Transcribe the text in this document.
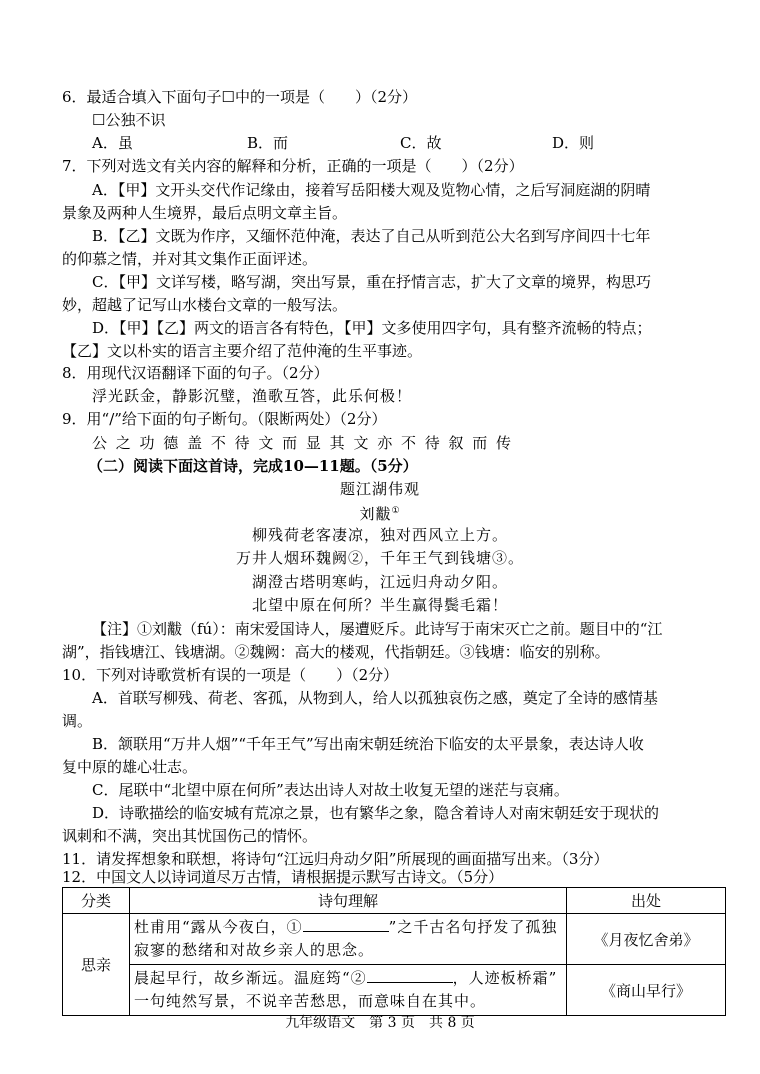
6．最适合填入下面句子☐中的一项是（　　）（2分）
☐公独不识
A．虽	B．而	C．故	D．则
7．下列对选文有关内容的解释和分析，正确的一项是（　　）（2分）
A．【甲】文开头交代作记缘由，接着写岳阳楼大观及览物心情，之后写洞庭湖的阴晴
景象及两种人生境界，最后点明文章主旨。
B．【乙】文既为作序，又缅怀范仲淹，表达了自己从听到范公大名到写序间四十七年
的仰慕之情，并对其文集作正面评述。
C．【甲】文详写楼，略写湖，突出写景，重在抒情言志，扩大了文章的境界，构思巧
妙，超越了记写山水楼台文章的一般写法。
D．【甲】【乙】两文的语言各有特色，【甲】文多使用四字句，具有整齐流畅的特点；
【乙】文以朴实的语言主要介绍了范仲淹的生平事迹。
8．用现代汉语翻译下面的句子。（2分）
浮光跃金，静影沉璧，渔歌互答，此乐何极！
9．用“/”给下面的句子断句。（限断两处）（2分）
公 之 功 德 盖 不 待 文 而 显 其 文 亦 不 待 叙 而 传
（二）阅读下面这首诗，完成10—11题。（5分）
题江湖伟观
刘黻①
柳残荷老客凄凉，独对西风立上方。
万井人烟环魏阙②，千年王气到钱塘③。
湖澄古塔明寒屿，江远归舟动夕阳。
北望中原在何所？半生赢得鬓毛霜！
【注】①刘黻（fú）：南宋爱国诗人，屡遭贬斥。此诗写于南宋灭亡之前。题目中的“江
湖”，指钱塘江、钱塘湖。②魏阙：高大的楼观，代指朝廷。③钱塘：临安的别称。
10．下列对诗歌赏析有误的一项是（　　）（2分）
A．首联写柳残、荷老、客孤，从物到人，给人以孤独哀伤之感，奠定了全诗的感情基
调。
B．颔联用“万井人烟”“千年王气”写出南宋朝廷统治下临安的太平景象，表达诗人收
复中原的雄心壮志。
C．尾联中“北望中原在何所”表达出诗人对故土收复无望的迷茫与哀痛。
D．诗歌描绘的临安城有荒凉之景，也有繁华之象，隐含着诗人对南宋朝廷安于现状的
讽刺和不满，突出其忧国伤己的情怀。
11．请发挥想象和联想，将诗句“江远归舟动夕阳”所展现的画面描写出来。（3分）
12．中国文人以诗词道尽万古情，请根据提示默写古诗文。（5分）
分类	诗句理解	出处
思亲	杜甫用“露从今夜白，① ”之千古名句抒发了孤独
寂寥的愁绪和对故乡亲人的思念。	《月夜忆舍弟》
	晨起早行，故乡渐远。温庭筠“② ，人迹板桥霜”
一句纯然写景，不说辛苦愁思，而意味自在其中。	《商山早行》
九年级语文　第 3 页　共 8 页
